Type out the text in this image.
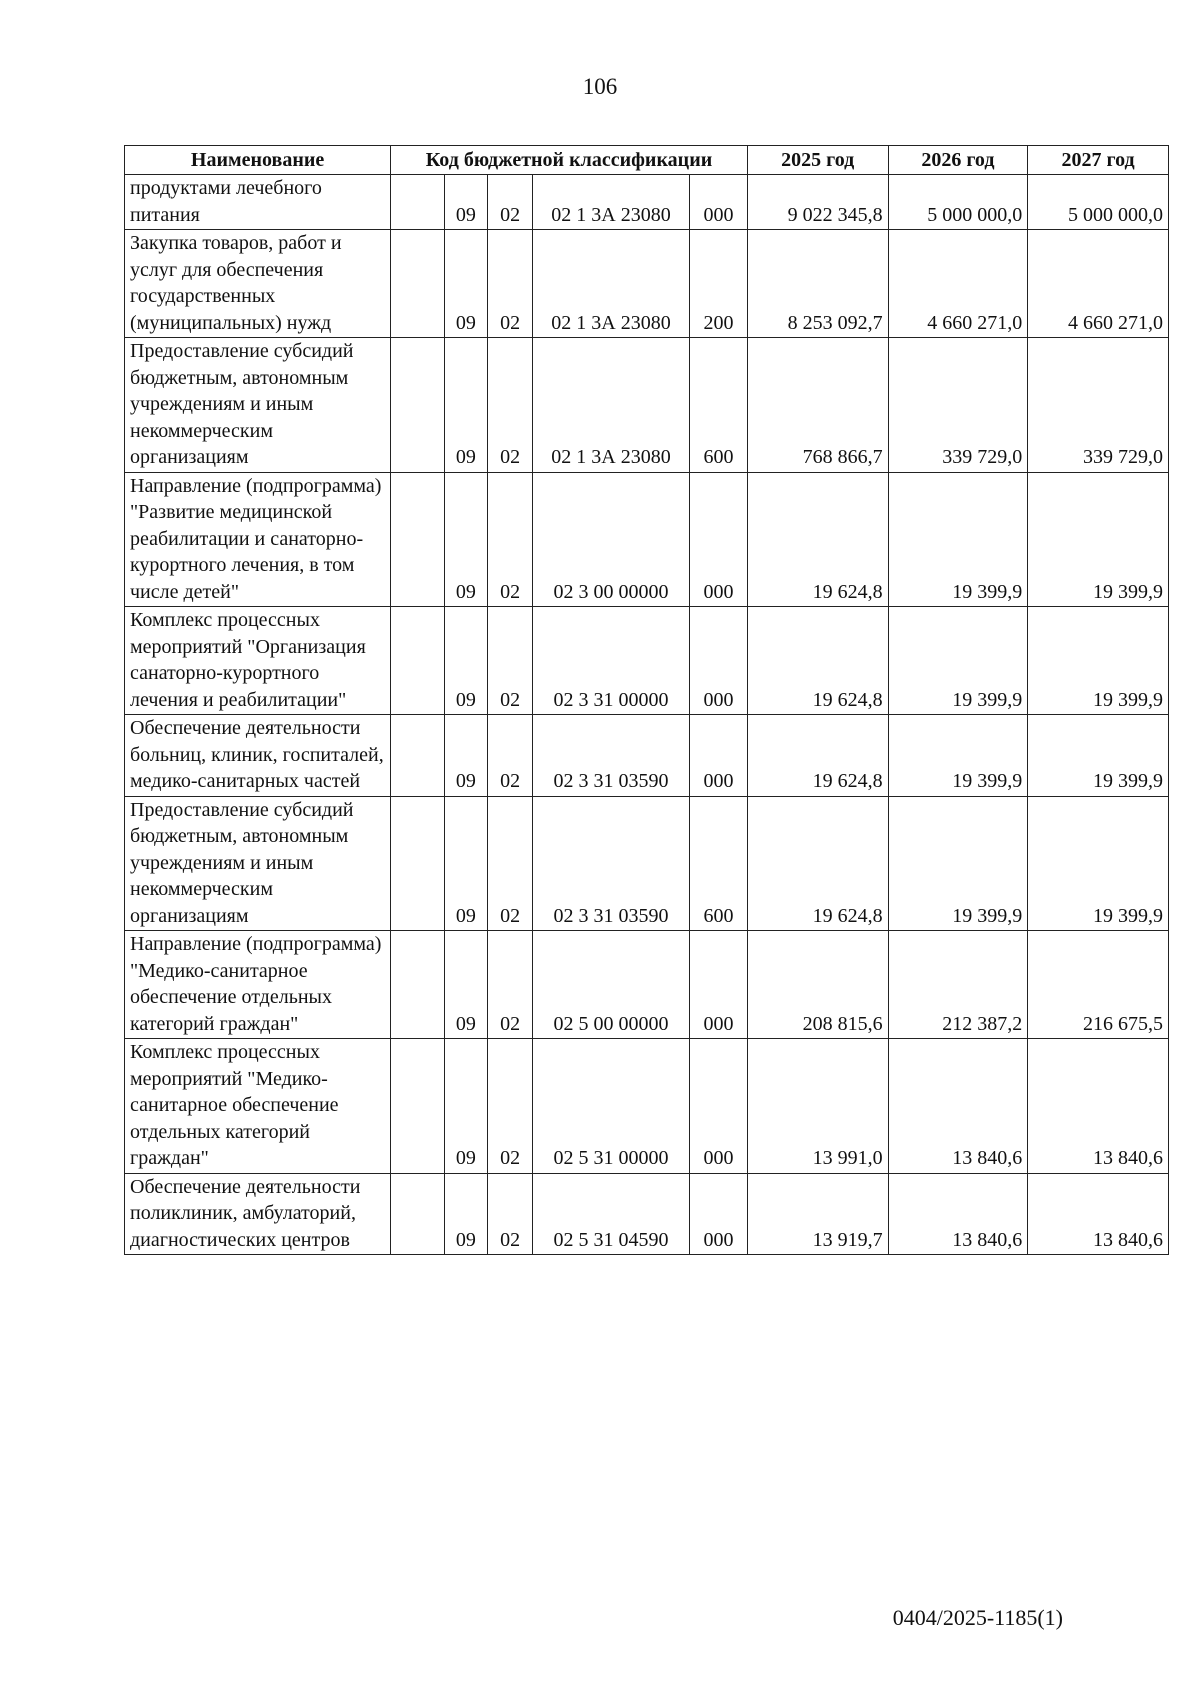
106
Наименование	Код бюджетной классификации					2025 год	2026 год	2027 год
продуктами лечебного питания		09	02	02 1 3А 23080	000	9 022 345,8	5 000 000,0	5 000 000,0
Закупка товаров, работ и услуг для обеспечения государственных (муниципальных) нужд		09	02	02 1 3А 23080	200	8 253 092,7	4 660 271,0	4 660 271,0
Предоставление субсидий бюджетным, автономным учреждениям и иным некоммерческим организациям		09	02	02 1 3А 23080	600	768 866,7	339 729,0	339 729,0
Направление (подпрограмма) "Развитие медицинской реабилитации и санаторно-курортного лечения, в том числе детей"		09	02	02 3 00 00000	000	19 624,8	19 399,9	19 399,9
Комплекс процессных мероприятий "Организация санаторно-курортного лечения и реабилитации"		09	02	02 3 31 00000	000	19 624,8	19 399,9	19 399,9
Обеспечение деятельности больниц, клиник, госпиталей, медико-санитарных частей		09	02	02 3 31 03590	000	19 624,8	19 399,9	19 399,9
Предоставление субсидий бюджетным, автономным учреждениям и иным некоммерческим организациям		09	02	02 3 31 03590	600	19 624,8	19 399,9	19 399,9
Направление (подпрограмма) "Медико-санитарное обеспечение отдельных категорий граждан"		09	02	02 5 00 00000	000	208 815,6	212 387,2	216 675,5
Комплекс процессных мероприятий "Медико-санитарное обеспечение отдельных категорий граждан"		09	02	02 5 31 00000	000	13 991,0	13 840,6	13 840,6
Обеспечение деятельности поликлиник, амбулаторий, диагностических центров		09	02	02 5 31 04590	000	13 919,7	13 840,6	13 840,6
0404/2025-1185(1)
